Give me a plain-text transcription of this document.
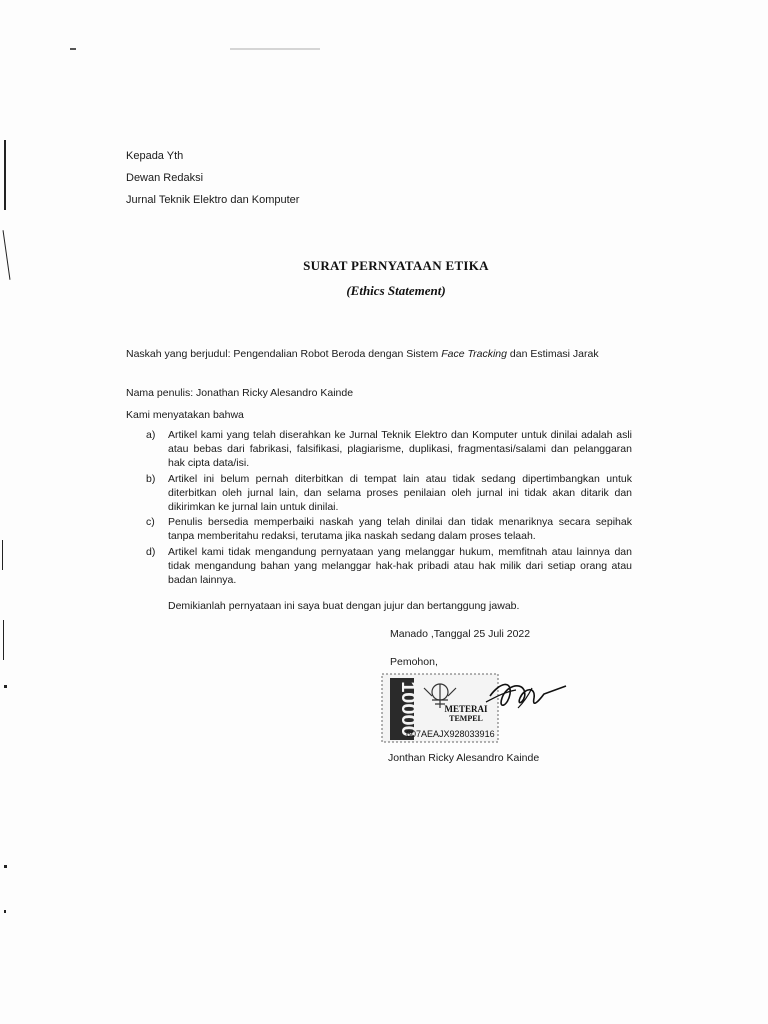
Kepada Yth
Dewan Redaksi
Jurnal Teknik Elektro dan Komputer
SURAT PERNYATAAN ETIKA
(Ethics Statement)
Naskah yang berjudul: Pengendalian Robot Beroda dengan Sistem Face Tracking dan Estimasi Jarak
Nama penulis: Jonathan Ricky Alesandro Kainde
Kami menyatakan bahwa
a)	Artikel kami yang telah diserahkan ke Jurnal Teknik Elektro dan Komputer untuk dinilai adalah asli atau bebas dari fabrikasi, falsifikasi, plagiarisme, duplikasi, fragmentasi/salami dan pelanggaran hak cipta data/isi.
b)	Artikel ini belum pernah diterbitkan di tempat lain atau tidak sedang dipertimbangkan untuk diterbitkan oleh jurnal lain, dan selama proses penilaian oleh jurnal ini tidak akan ditarik dan dikirimkan ke jurnal lain untuk dinilai.
c)	Penulis bersedia memperbaiki naskah yang telah dinilai dan tidak menariknya secara sepihak tanpa memberitahu redaksi, terutama jika naskah sedang dalam proses telaah.
d)	Artikel kami tidak mengandung pernyataan yang melanggar hukum, memfitnah atau lainnya dan tidak mengandung bahan yang melanggar hak-hak pribadi atau hak milik dari setiap orang atau badan lainnya.
Demikianlah pernyataan ini saya buat dengan jujur dan bertanggung jawab.
Manado ,Tanggal 25 Juli 2022
Pemohon,
10000	METERAI
TEMPEL
607AEAJX928033916
Jonthan Ricky Alesandro Kainde
